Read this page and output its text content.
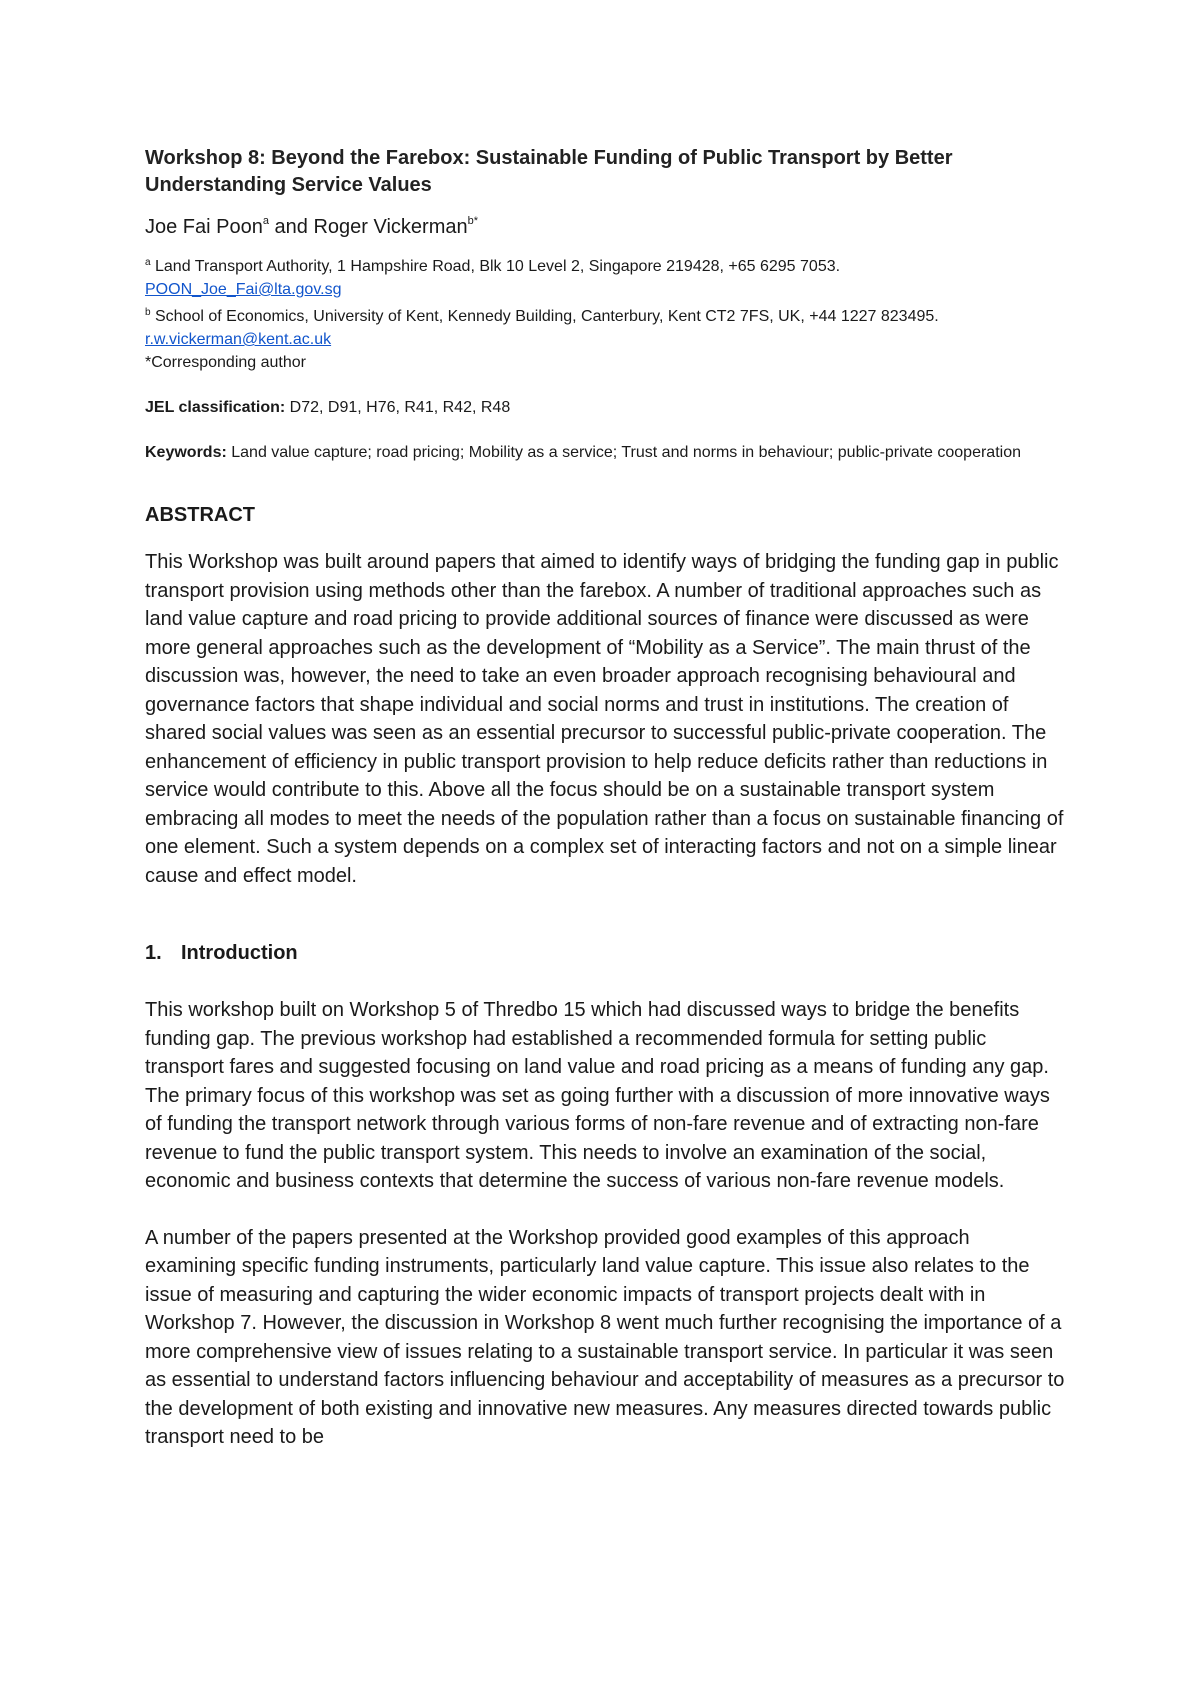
Workshop 8: Beyond the Farebox: Sustainable Funding of Public Transport by Better Understanding Service Values

Joe Fai Poon$^a$ and Roger Vickerman$^{b*}$

$^a$ Land Transport Authority, 1 Hampshire Road, Blk 10 Level 2, Singapore 219428, +65 6295 7053.

POON_Joe_Fai@lta.gov.sg

$^b$ School of Economics, University of Kent, Kennedy Building, Canterbury, Kent CT2 7FS, UK, +44 1227 823495.

r.w.vickerman@kent.ac.uk

*Corresponding author

JEL classification: D72, D91, H76, R41, R42, R48

Keywords: Land value capture; road pricing; Mobility as a service; Trust and norms in behaviour; public-private cooperation

ABSTRACT

This Workshop was built around papers that aimed to identify ways of bridging the funding gap in public transport provision using methods other than the farebox. A number of traditional approaches such as land value capture and road pricing to provide additional sources of finance were discussed as were more general approaches such as the development of “Mobility as a Service”. The main thrust of the discussion was, however, the need to take an even broader approach recognising behavioural and governance factors that shape individual and social norms and trust in institutions. The creation of shared social values was seen as an essential precursor to successful public-private cooperation. The enhancement of efficiency in public transport provision to help reduce deficits rather than reductions in service would contribute to this. Above all the focus should be on a sustainable transport system embracing all modes to meet the needs of the population rather than a focus on sustainable financing of one element. Such a system depends on a complex set of interacting factors and not on a simple linear cause and effect model.

1. Introduction

This workshop built on Workshop 5 of Thredbo 15 which had discussed ways to bridge the benefits funding gap. The previous workshop had established a recommended formula for setting public transport fares and suggested focusing on land value and road pricing as a means of funding any gap. The primary focus of this workshop was set as going further with a discussion of more innovative ways of funding the transport network through various forms of non-fare revenue and of extracting non-fare revenue to fund the public transport system. This needs to involve an examination of the social, economic and business contexts that determine the success of various non-fare revenue models.

A number of the papers presented at the Workshop provided good examples of this approach examining specific funding instruments, particularly land value capture. This issue also relates to the issue of measuring and capturing the wider economic impacts of transport projects dealt with in Workshop 7. However, the discussion in Workshop 8 went much further recognising the importance of a more comprehensive view of issues relating to a sustainable transport service. In particular it was seen as essential to understand factors influencing behaviour and acceptability of measures as a precursor to the development of both existing and innovative new measures. Any measures directed towards public transport need to be
